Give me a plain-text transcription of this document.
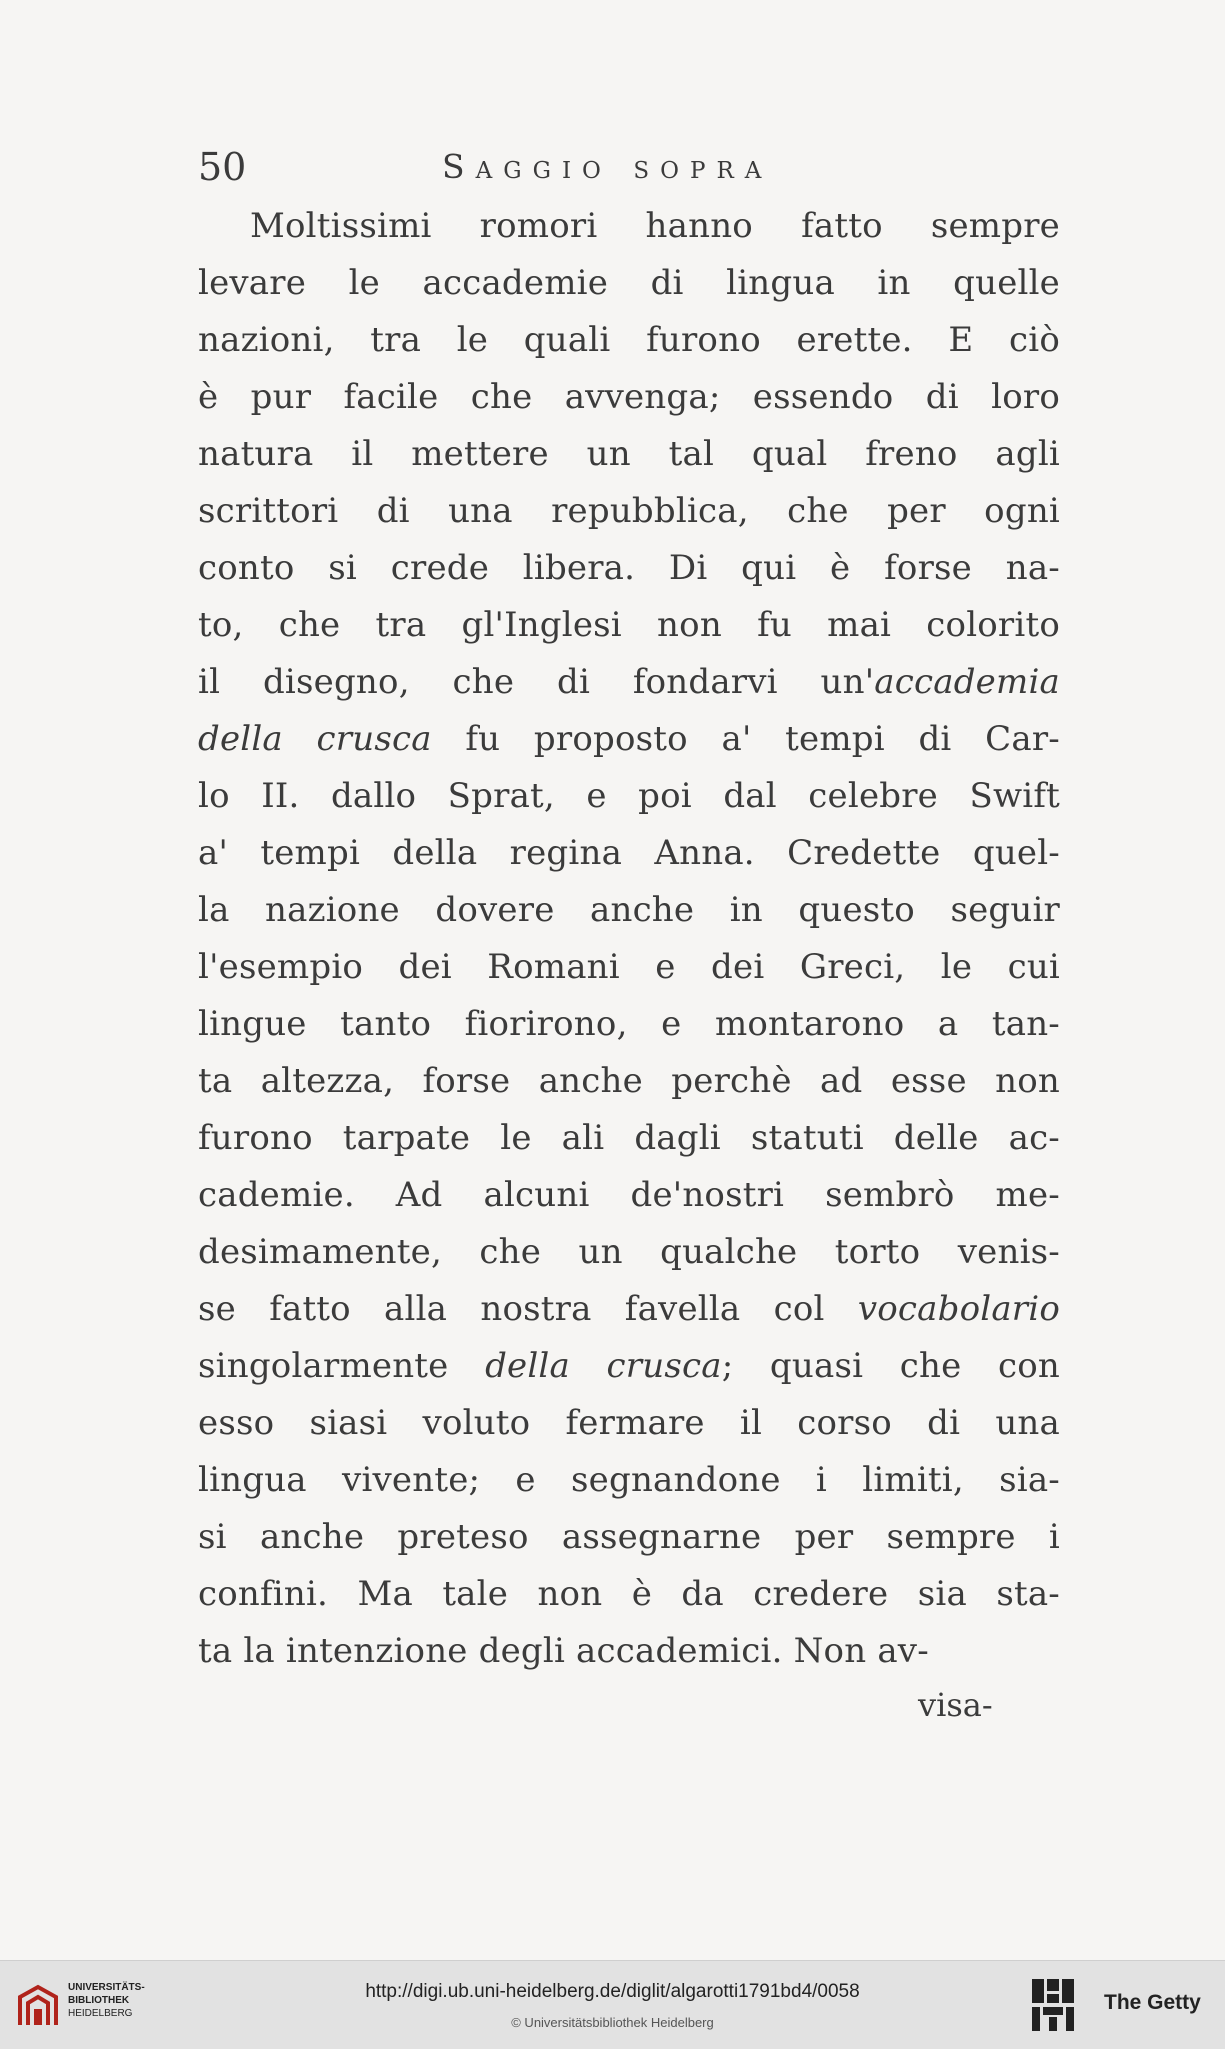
50	Saggio sopra
Moltissimi romori hanno fatto sempre
levare le accademie di lingua in quelle
nazioni, tra le quali furono erette. E ciò
è pur facile che avvenga; essendo di loro
natura il mettere un tal qual freno agli
scrittori di una repubblica, che per ogni
conto si crede libera. Di qui è forse na-
to, che tra gl'Inglesi non fu mai colorito
il disegno, che di fondarvi un'accademia
della crusca fu proposto a' tempi di Car-
lo II. dallo Sprat, e poi dal celebre Swift
a' tempi della regina Anna. Credette quel-
la nazione dovere anche in questo seguir
l'esempio dei Romani e dei Greci, le cui
lingue tanto fiorirono, e montarono a tan-
ta altezza, forse anche perchè ad esse non
furono tarpate le ali dagli statuti delle ac-
cademie. Ad alcuni de'nostri sembrò me-
desimamente, che un qualche torto venis-
se fatto alla nostra favella col vocabolario
singolarmente della crusca; quasi che con
esso siasi voluto fermare il corso di una
lingua vivente; e segnandone i limiti, sia-
si anche preteso assegnarne per sempre i
confini. Ma tale non è da credere sia sta-
ta la intenzione degli accademici. Non av-
visa-
UNIVERSITÄTS-
BIBLIOTHEK
HEIDELBERG
http://digi.ub.uni-heidelberg.de/diglit/algarotti1791bd4/0058
© Universitätsbibliothek Heidelberg
The Getty
